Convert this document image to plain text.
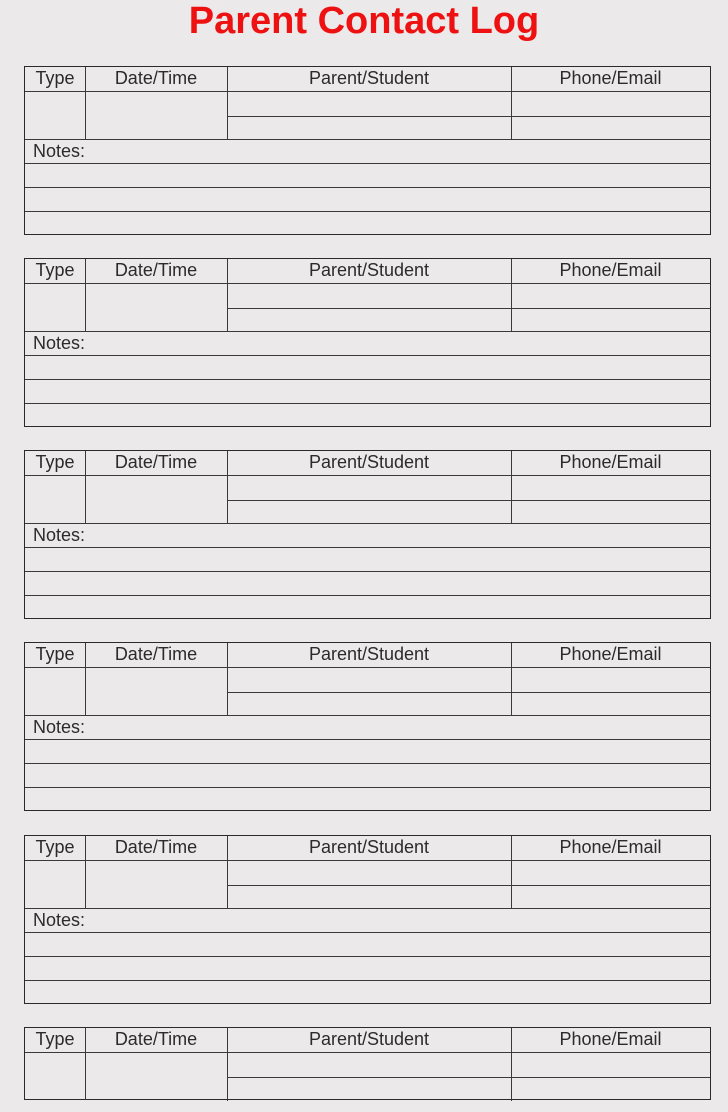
Parent Contact Log
Type	Date/Time	Parent/Student	Phone/Email
Notes:
Type	Date/Time	Parent/Student	Phone/Email
Notes:
Type	Date/Time	Parent/Student	Phone/Email
Notes:
Type	Date/Time	Parent/Student	Phone/Email
Notes:
Type	Date/Time	Parent/Student	Phone/Email
Notes:
Type	Date/Time	Parent/Student	Phone/Email
